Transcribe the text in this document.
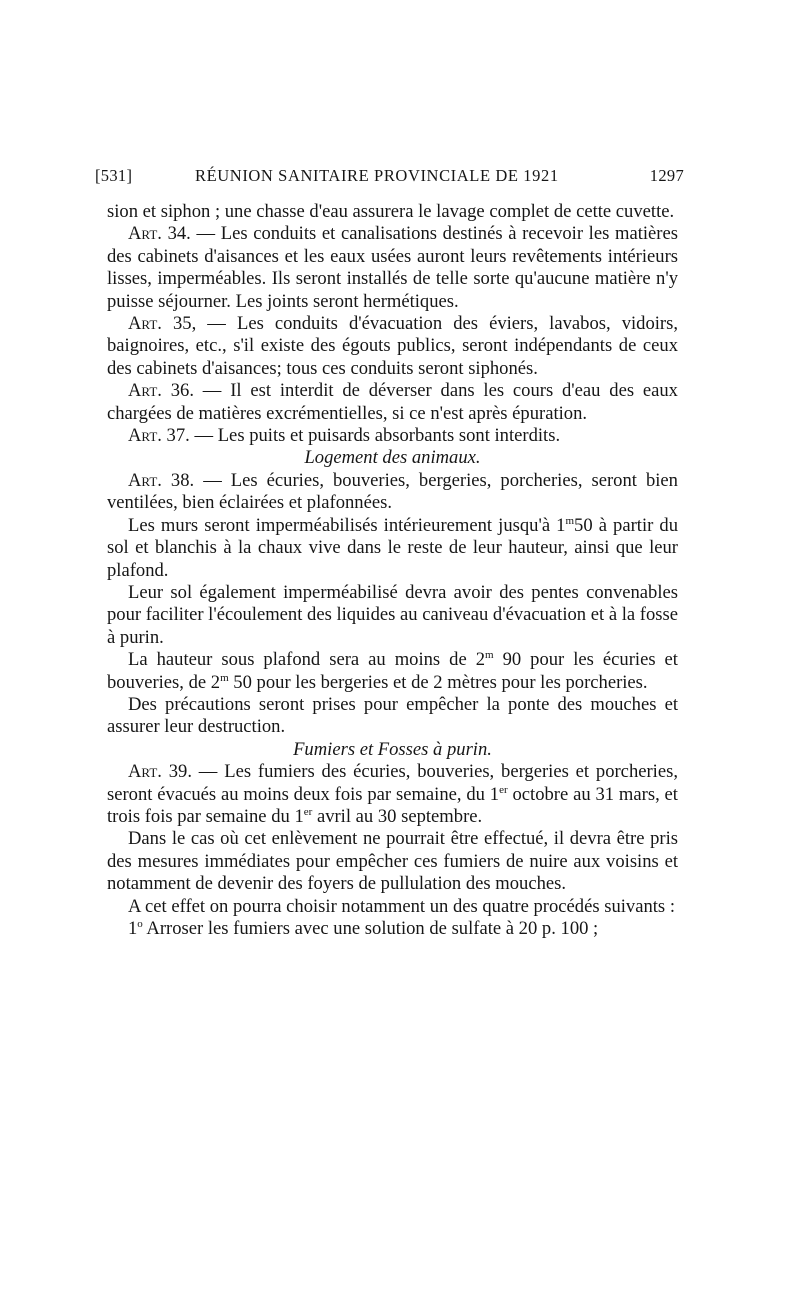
[531]	RÉUNION SANITAIRE PROVINCIALE DE 1921	1297

sion et siphon ; une chasse d'eau assurera le lavage complet de cette cuvette.

Art. 34. — Les conduits et canalisations destinés à recevoir les matières des cabinets d'aisances et les eaux usées auront leurs revêtements intérieurs lisses, imperméables. Ils seront installés de telle sorte qu'aucune matière n'y puisse séjourner. Les joints seront hermétiques.

Art. 35, — Les conduits d'évacuation des éviers, lavabos, vidoirs, baignoires, etc., s'il existe des égouts publics, seront indépendants de ceux des cabinets d'aisances; tous ces conduits seront siphonés.

Art. 36. — Il est interdit de déverser dans les cours d'eau des eaux chargées de matières excrémentielles, si ce n'est après épuration.

Art. 37. — Les puits et puisards absorbants sont interdits.

Logement des animaux.

Art. 38. — Les écuries, bouveries, bergeries, porcheries, seront bien ventilées, bien éclairées et plafonnées.

Les murs seront imperméabilisés intérieurement jusqu'à 1$^m$50 à partir du sol et blanchis à la chaux vive dans le reste de leur hauteur, ainsi que leur plafond.

Leur sol également imperméabilisé devra avoir des pentes convenables pour faciliter l'écoulement des liquides au caniveau d'évacuation et à la fosse à purin.

La hauteur sous plafond sera au moins de 2$^m$ 90 pour les écuries et bouveries, de 2$^m$ 50 pour les bergeries et de 2 mètres pour les porcheries.

Des précautions seront prises pour empêcher la ponte des mouches et assurer leur destruction.

Fumiers et Fosses à purin.

Art. 39. — Les fumiers des écuries, bouveries, bergeries et porcheries, seront évacués au moins deux fois par semaine, du 1er octobre au 31 mars, et trois fois par semaine du 1er avril au 30 septembre.

Dans le cas où cet enlèvement ne pourrait être effectué, il devra être pris des mesures immédiates pour empêcher ces fumiers de nuire aux voisins et notamment de devenir des foyers de pullulation des mouches.

A cet effet on pourra choisir notamment un des quatre procédés suivants :

1$^o$ Arroser les fumiers avec une solution de sulfate à 20 p. 100 ;
